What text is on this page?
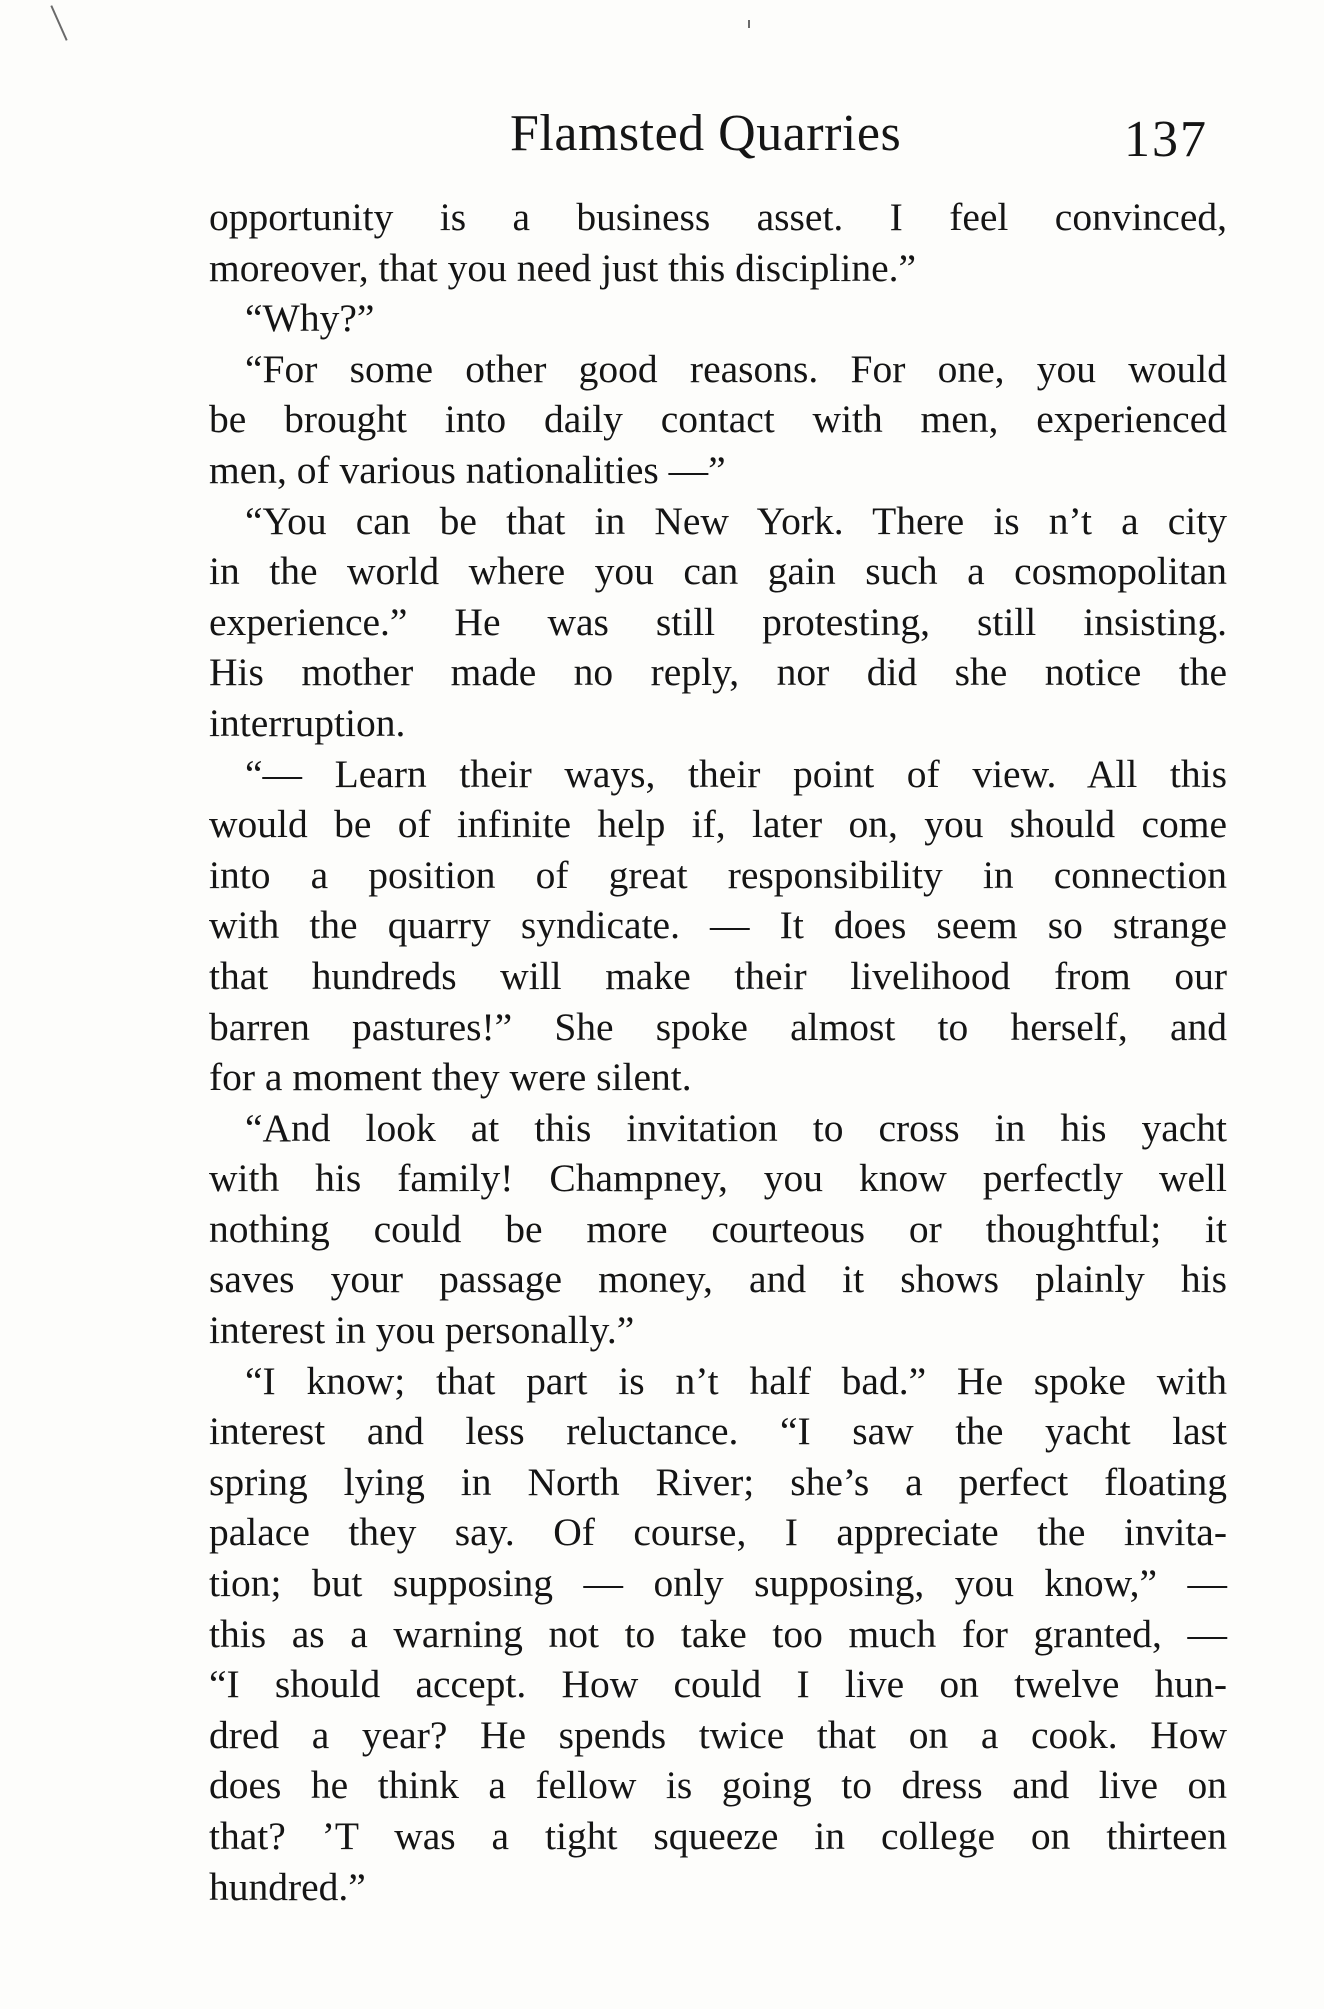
Flamsted Quarries	137
opportunity is a business asset. I feel convinced,
moreover, that you need just this discipline.”
“Why?”
“For some other good reasons. For one, you would
be brought into daily contact with men, experienced
men, of various nationalities —”
“You can be that in New York. There is n’t a city
in the world where you can gain such a cosmopolitan
experience.” He was still protesting, still insisting.
His mother made no reply, nor did she notice the
interruption.
“— Learn their ways, their point of view. All this
would be of infinite help if, later on, you should come
into a position of great responsibility in connection
with the quarry syndicate. — It does seem so strange
that hundreds will make their livelihood from our
barren pastures!” She spoke almost to herself, and
for a moment they were silent.
“And look at this invitation to cross in his yacht
with his family! Champney, you know perfectly well
nothing could be more courteous or thoughtful; it
saves your passage money, and it shows plainly his
interest in you personally.”
“I know; that part is n’t half bad.” He spoke with
interest and less reluctance. “I saw the yacht last
spring lying in North River; she’s a perfect floating
palace they say. Of course, I appreciate the invita-
tion; but supposing — only supposing, you know,” —
this as a warning not to take too much for granted, —
“I should accept. How could I live on twelve hun-
dred a year? He spends twice that on a cook. How
does he think a fellow is going to dress and live on
that? ’T was a tight squeeze in college on thirteen
hundred.”
